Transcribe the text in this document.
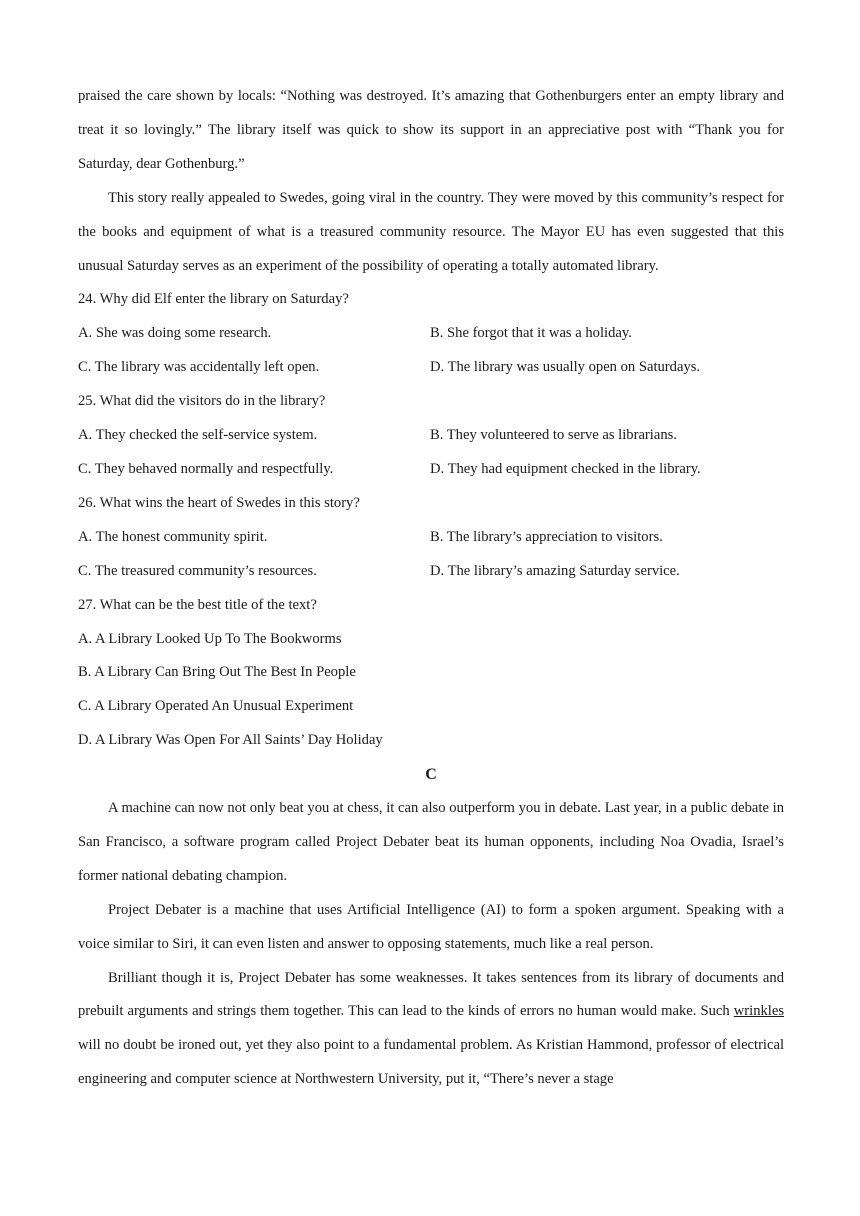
praised the care shown by locals: “Nothing was destroyed. It’s amazing that Gothenburgers enter an empty library and treat it so lovingly.” The library itself was quick to show its support in an appreciative post with “Thank you for Saturday, dear Gothenburg.”

This story really appealed to Swedes, going viral in the country. They were moved by this community’s respect for the books and equipment of what is a treasured community resource. The Mayor EU has even suggested that this unusual Saturday serves as an experiment of the possibility of operating a totally automated library.

24. Why did Elf enter the library on Saturday?

A. She was doing some research.	B. She forgot that it was a holiday.
C. The library was accidentally left open.	D. The library was usually open on Saturdays.

25. What did the visitors do in the library?

A. They checked the self-service system.	B. They volunteered to serve as librarians.
C. They behaved normally and respectfully.	D. They had equipment checked in the library.

26. What wins the heart of Swedes in this story?

A. The honest community spirit.	B. The library’s appreciation to visitors.
C. The treasured community’s resources.	D. The library’s amazing Saturday service.

27. What can be the best title of the text?

A. A Library Looked Up To The Bookworms

B. A Library Can Bring Out The Best In People

C. A Library Operated An Unusual Experiment

D. A Library Was Open For All Saints’ Day Holiday

C

A machine can now not only beat you at chess, it can also outperform you in debate. Last year, in a public debate in San Francisco, a software program called Project Debater beat its human opponents, including Noa Ovadia, Israel’s former national debating champion.

Project Debater is a machine that uses Artificial Intelligence (AI) to form a spoken argument. Speaking with a voice similar to Siri, it can even listen and answer to opposing statements, much like a real person.

Brilliant though it is, Project Debater has some weaknesses. It takes sentences from its library of documents and prebuilt arguments and strings them together. This can lead to the kinds of errors no human would make. Such wrinkles will no doubt be ironed out, yet they also point to a fundamental problem. As Kristian Hammond, professor of electrical engineering and computer science at Northwestern University, put it, “There’s never a stage
